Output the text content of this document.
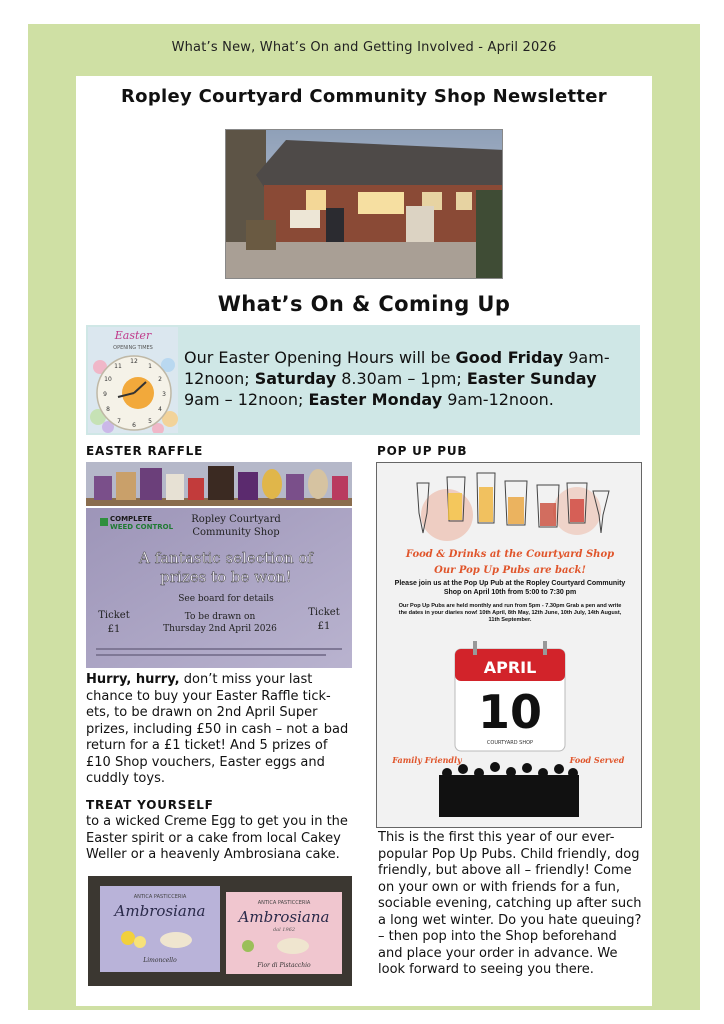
What’s New, What’s On and Getting Involved - April 2026
Ropley Courtyard Community Shop Newsletter
What’s On & Coming Up
Easter
OPENING TIMES
12
1
2
3
4
5
6
7
8
9
10
11	Our Easter Opening Hours will be Good Friday 9am-12noon; Saturday 8.30am – 1pm; Easter Sunday 9am – 12noon; Easter Monday 9am-12noon.
EASTER RAFFLE
COMPLETE
WEED CONTROL
Ropley Courtyard
Community Shop
A fantastic selection of
prizes to be won!
See board for details
To be drawn on
Thursday 2nd April 2026
Ticket
£1
Ticket
£1
Hurry, hurry, don’t miss your last chance to buy your Easter Raffle tick-ets, to be drawn on 2nd April Super prizes, including £50 in cash – not a bad return for a £1 ticket! And 5 prizes of £10 Shop vouchers, Easter eggs and cuddly toys.
TREAT YOURSELF
to a wicked Creme Egg to get you in the Easter spirit or a cake from local Cakey Weller or a heavenly Ambrosiana cake.
ANTICA PASTICCERIA
Ambrosiana
Limoncello
ANTICA PASTICCERIA
Ambrosiana
dal 1962
Fior di Pistacchio
POP UP PUB
Food & Drinks at the Courtyard Shop
Our Pop Up Pubs are back!
Please join us at the Pop Up Pub at the Ropley Courtyard Community Shop on April 10th from 5:00 to 7:30 pm
Our Pop Up Pubs are held monthly and run from 5pm - 7.30pm Grab a pen and write the dates in your diaries now! 10th April, 8th May, 12th June, 10th July, 14th August, 11th September.
APRIL
10
COURTYARD SHOP
Family Friendly	Food Served
This is the first this year of our ever-popular Pop Up Pubs. Child friendly, dog friendly, but above all – friendly! Come on your own or with friends for a fun, sociable evening, catching up after such a long wet winter. Do you hate queuing? – then pop into the Shop beforehand and place your order in advance. We look forward to seeing you there.
